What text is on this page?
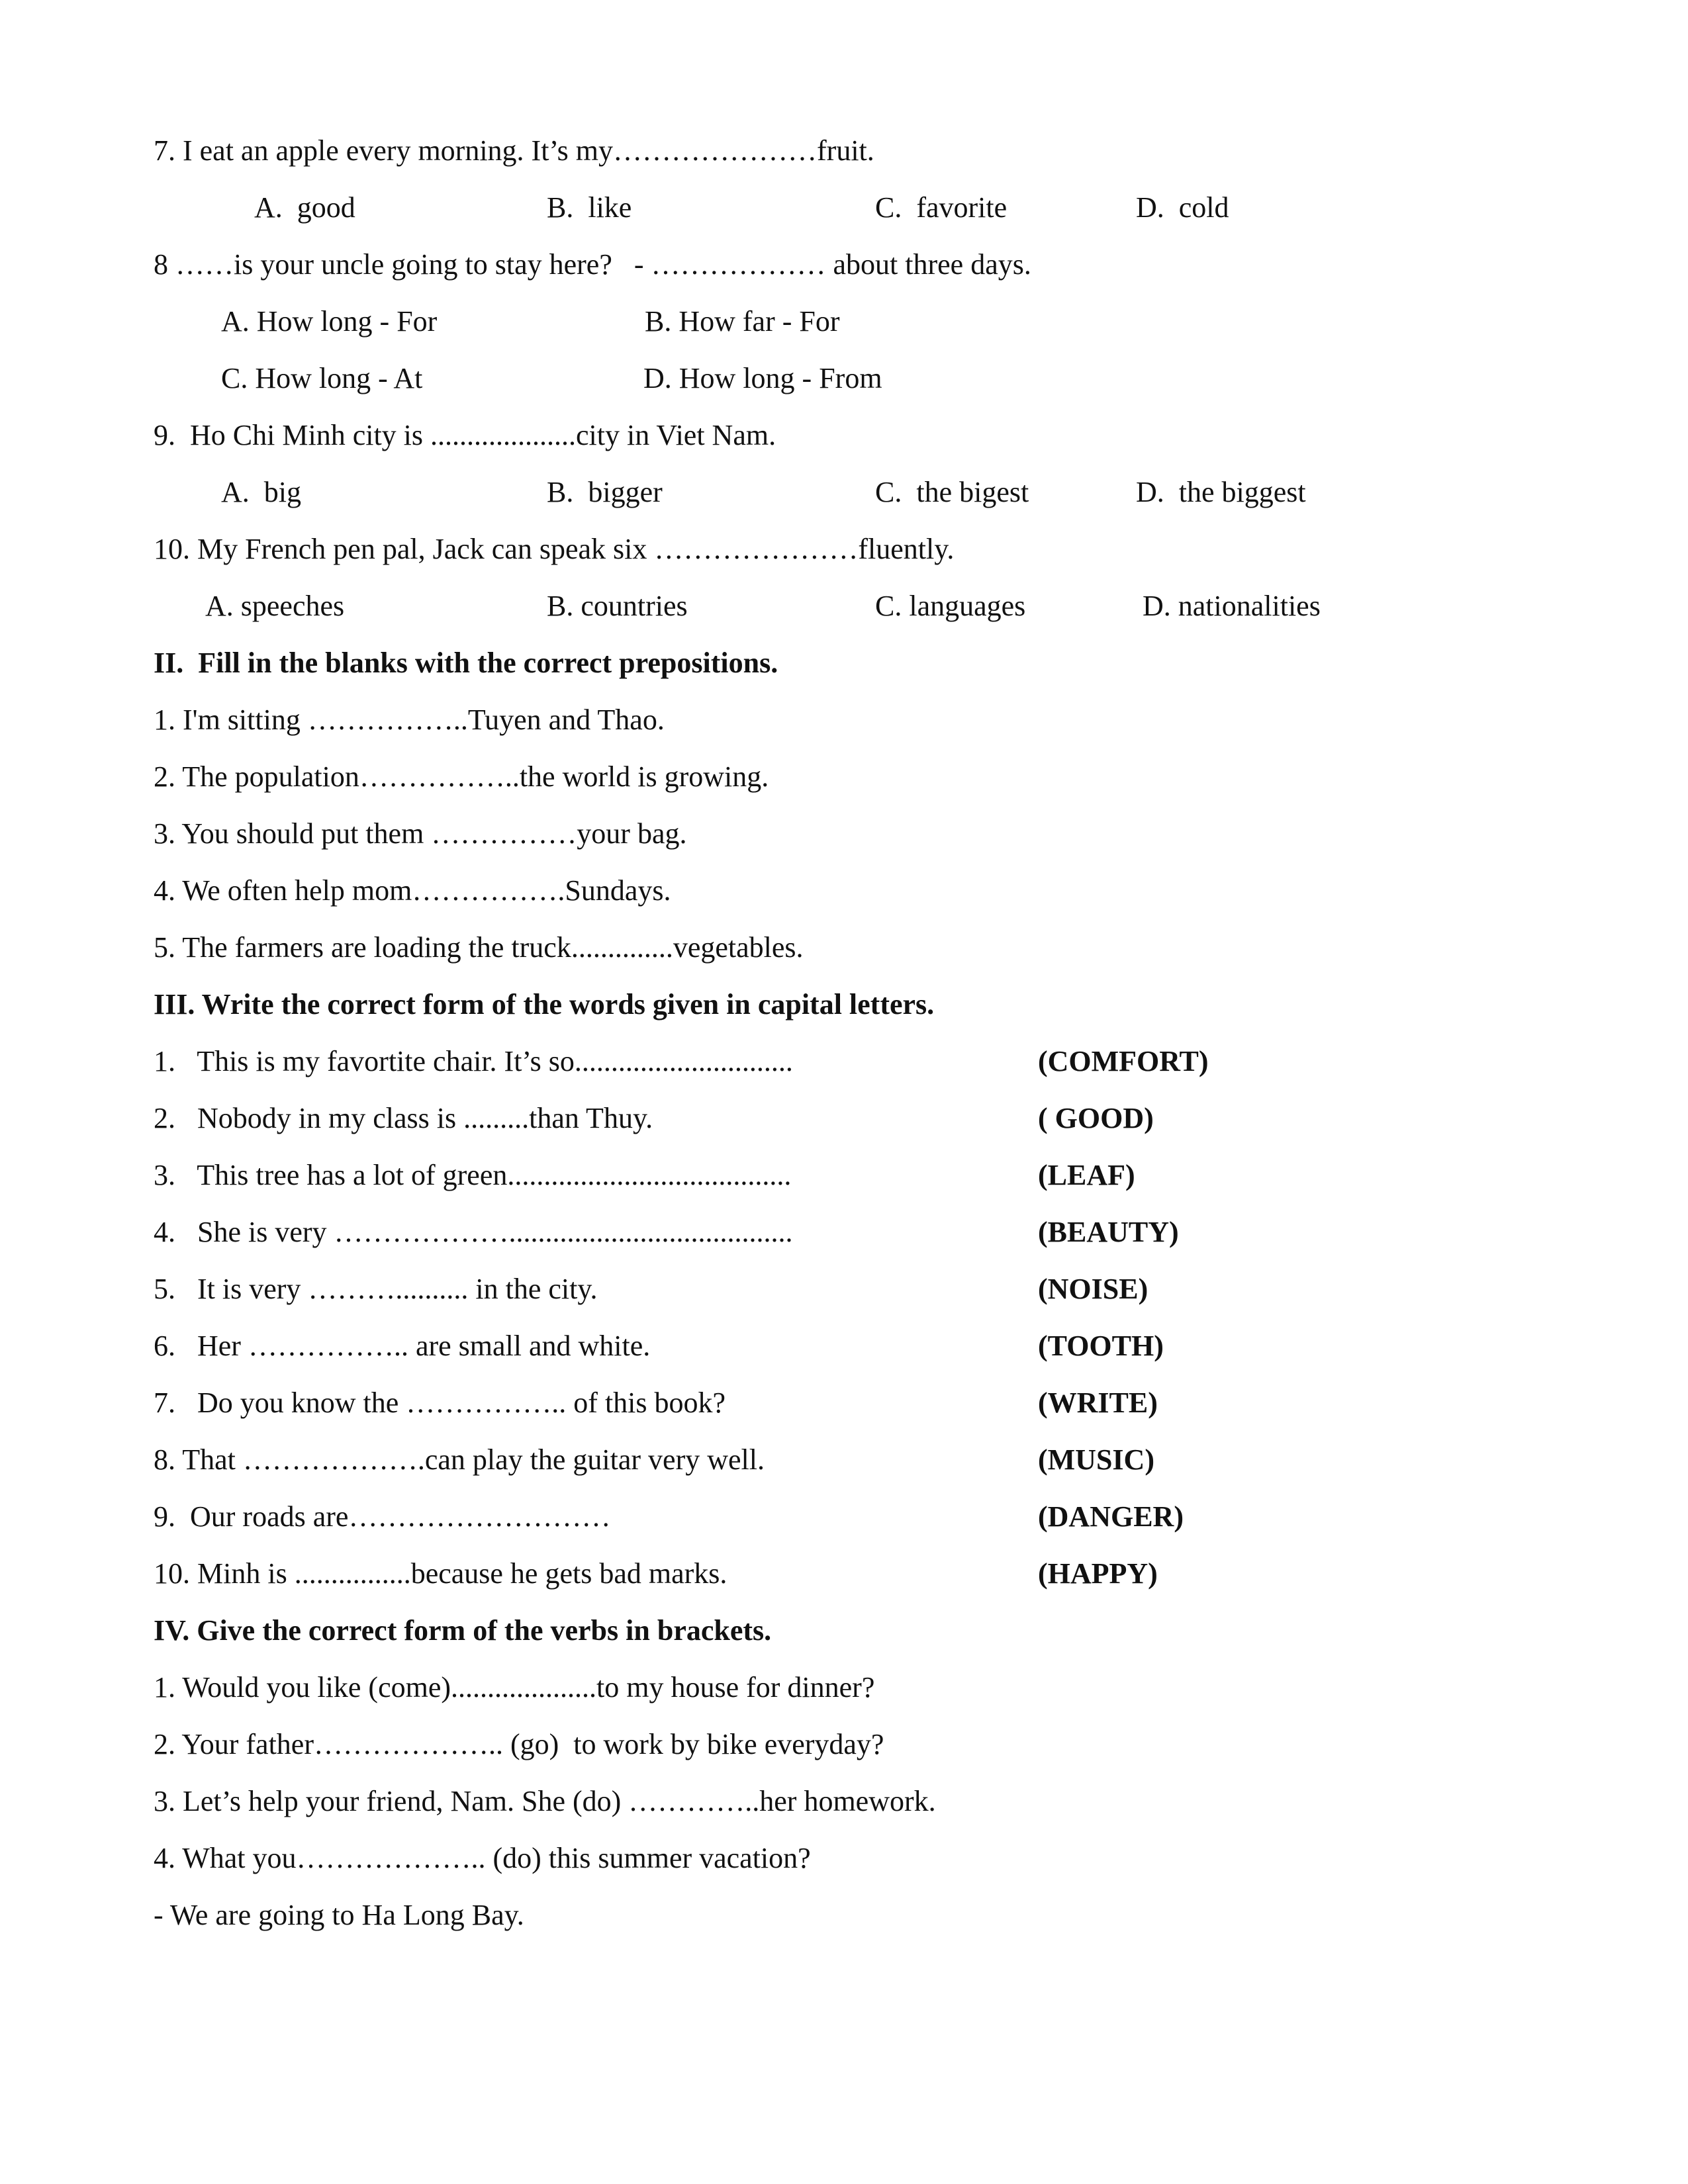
7. I eat an apple every morning. It’s my…………………fruit.
A.  good	B.  like	C.  favorite	D.  cold
8 ……is your uncle going to stay here?   - ……………… about three days.
A. How long - For	B. How far - For
C. How long - At	D. How long - From
9.  Ho Chi Minh city is ....................city in Viet Nam.
A.  big	B.  bigger	C.  the bigest	D.  the biggest
10. My French pen pal, Jack can speak six …………………fluently.
A. speeches	B. countries	C. languages	D. nationalities
II.  Fill in the blanks with the correct prepositions.
1. I'm sitting ……………..Tuyen and Thao.
2. The population……………..the world is growing.
3. You should put them ……………your bag.
4. We often help mom…………….Sundays.
5. The farmers are loading the truck..............vegetables.
III. Write the correct form of the words given in capital letters.
1.   This is my favortite chair. It’s so..............................	(COMFORT)
2.   Nobody in my class is .........than Thuy.	( GOOD)
3.   This tree has a lot of green.......................................	(LEAF)
4.   She is very ……………….......................................	(BEAUTY)
5.   It is very ……….......... in the city.	(NOISE)
6.   Her …………….. are small and white.	(TOOTH)
7.   Do you know the …………….. of this book?	(WRITE)
8. That ……………….can play the guitar very well.	(MUSIC)
9.  Our roads are………………………	(DANGER)
10. Minh is ................because he gets bad marks.	(HAPPY)
IV. Give the correct form of the verbs in brackets.
1. Would you like (come)....................to my house for dinner?
2. Your father……………….. (go)  to work by bike everyday?
3. Let’s help your friend, Nam. She (do) …………..her homework.
4. What you……………….. (do) this summer vacation?
- We are going to Ha Long Bay.
